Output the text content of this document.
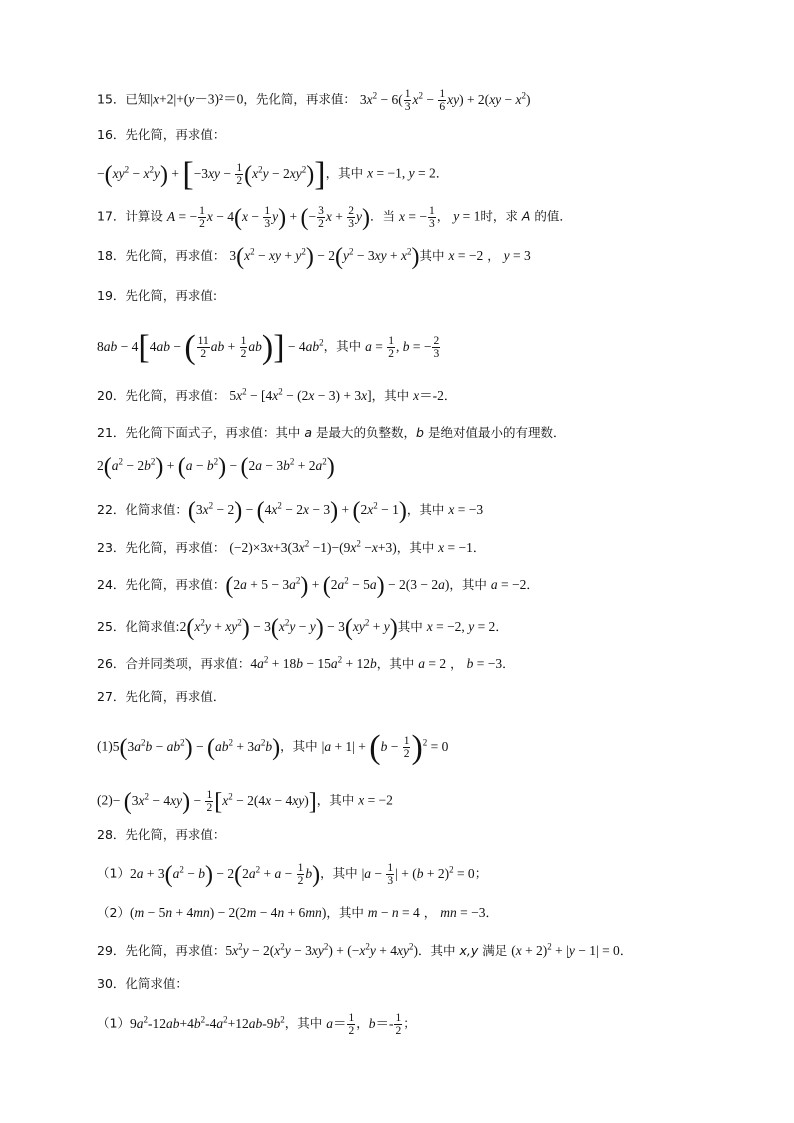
15．已知|x+2|+(y－3)²＝0，先化简，再求值： $3x^2 - 6( \frac{1}{3} x^2 - \frac{1}{6} xy) + 2(xy - x^2)$
16．先化简，再求值：
$-(xy^2 - x^2y) + [-3xy - \frac{1}{2} (x^2y - 2xy^2)]$，其中 x = −1, y = 2．
17．计算设 A = − $\frac{1}{2}$ $x - 4(x - \frac{1}{3} y)$ + (− $\frac{3}{2}$ $x + \frac{2}{3} y$)．当 x = − $\frac{1}{3}$ ， y = 1时，求 A 的值．
18．先化简，再求值： $3(x^2$ − xy + $y^2) - 2(y^2 - 3xy + x^2)$其中 x = −2 ， y = 3
19．先化简，再求值:
8ab − 4[4ab − ( $\frac{11}{2}$ ab + $\frac{1}{2} ab)] - 4ab^2$，其中 $a = \frac{1}{2}$ , b = − $\frac{2}{3}$
20．先化简，再求值： $5x^2 - [4x^2 - (2x - 3) + 3x]$，其中 x＝-2．
21．先化简下面式子，再求值：其中 a 是最大的负整数，b 是绝对值最小的有理数．
$2(a^2 - 2b^2) + (a - b^2) - (2a - 3b^2 + 2a^2)$
22．化简求值：$(3x^2 - 2) - (4x^2 - 2x - 3) + (2x^2 - 1)$，其中 x = −3
23．先化简，再求值： $(-2)\times 3x+3(3x^2 -1)-(9x^2 -x+3)$，其中 x = −1．
24．先化简，再求值：$(2a + 5 - 3a^2) + (2a^2 - 5a) - 2(3 - 2a)$，其中 a = −2．
25．化简求值$:2(x^2y + xy^2) - 3(x^2y - y) - 3(xy^2 + y)$其中 x = −2, y = 2．
26．合并同类项，再求值：$4a^2 + 18b - 15a^2 + 12b$，其中 a = 2 ， b = −3．
27．先化简，再求值．
$(1)5(3a^2b - ab^2) - (ab^2 + 3a^2b)$，其中 $|a + 1| + (b - \frac{1}{2} )^2 = 0$
$(2)- (3x^2 - 4xy) - \frac{1}{2} [x^2 - 2(4x - 4xy)]$，其中 x = −2
28．先化简，再求值：
$(1)2a + 3(a^2 - b) - 2(2a^2 + a - \frac{1}{2} b)$，其中 $|a - \frac{1}{3}$ | + $(b + 2)^2 = 0$；
（2）(m − 5n + 4mn) − 2(2m − 4n + 6mn)，其中 m − n = 4 ， mn = −3．
29．先化简，再求值：$5x^2y - 2(x^2y - 3xy^2) + (-x^2y + 4xy^2)$．其中 x,y 满足 $(x + 2)^2 + |y - 1| = 0$．
30．化简求值：
$(1)9a^2-12ab+4b^2-4a^2+12ab-9b^2$，其中 $a= \frac{1}{2}$ ，$b=- \frac{1}{2}$ ；
